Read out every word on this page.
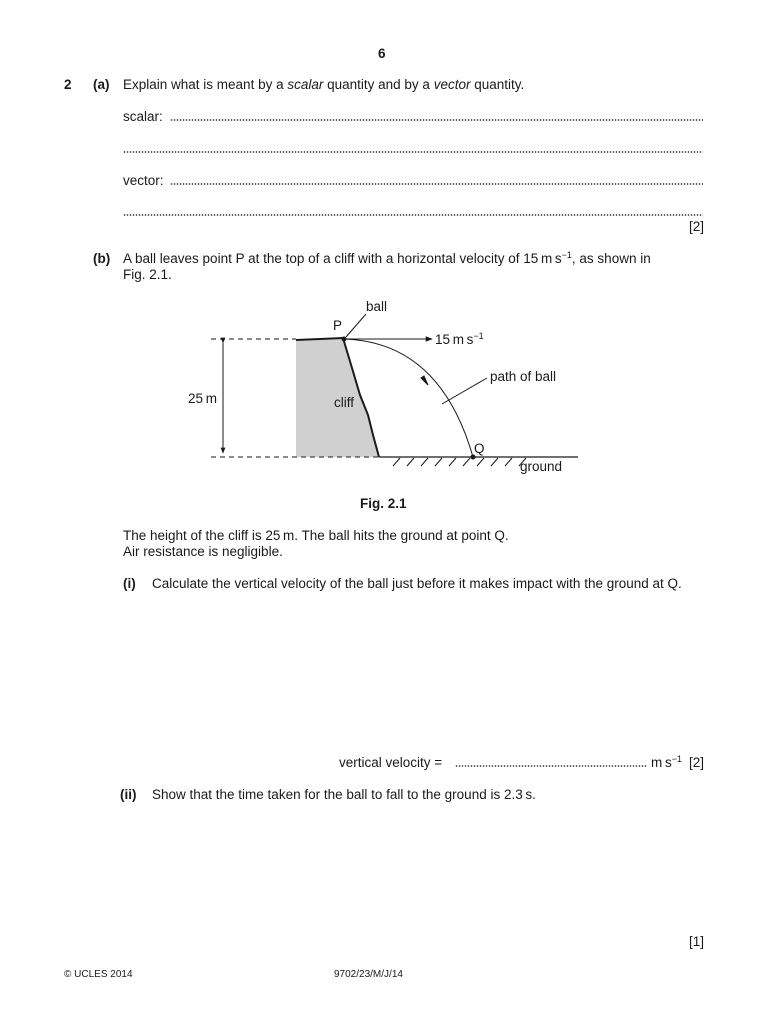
6
2 (a) Explain what is meant by a scalar quantity and by a vector quantity.
scalar:
vector:
[2]
(b) A ball leaves point P at the top of a cliff with a horizontal velocity of 15 m $s^{-1}$, as shown in
Fig. 2.1.
ball
P
15 m $s^{-1}$
path of ball
25 m	cliff
Q
ground
Fig. 2.1
The height of the cliff is 25 m. The ball hits the ground at point Q.
Air resistance is negligible.
(i) Calculate the vertical velocity of the ball just before it makes impact with the ground at Q.
vertical velocity =	m $s^{-1}$ [2]
(ii) Show that the time taken for the ball to fall to the ground is 2.3 s.
[1]
© UCLES 2014	9702/23/M/J/14
